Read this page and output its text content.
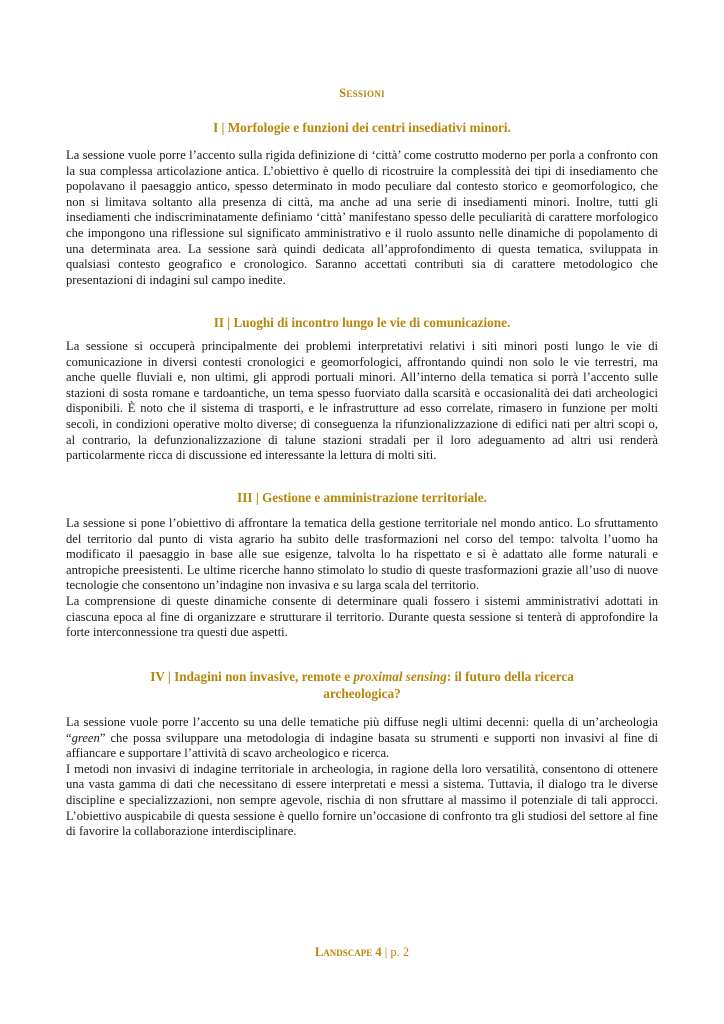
Sessioni
I | Morfologie e funzioni dei centri insediativi minori.

La sessione vuole porre l’accento sulla rigida definizione di ‘città’ come costrutto moderno per porla a confronto con la sua complessa articolazione antica. L’obiettivo è quello di ricostruire la complessità dei tipi di insediamento che popolavano il paesaggio antico, spesso determinato in modo peculiare dal contesto storico e geomorfologico, che non si limitava soltanto alla presenza di città, ma anche ad una serie di insediamenti minori. Inoltre, tutti gli insediamenti che indiscriminatamente definiamo ‘città’ manifestano spesso delle peculiarità di carattere morfologico che impongono una riflessione sul significato amministrativo e il ruolo assunto nelle dinamiche di popolamento di una determinata area. La sessione sarà quindi dedicata all’approfondimento di questa tematica, sviluppata in qualsiasi contesto geografico e cronologico. Saranno accettati contributi sia di carattere metodologico che presentazioni di indagini sul campo inedite.

II | Luoghi di incontro lungo le vie di comunicazione.

La sessione si occuperà principalmente dei problemi interpretativi relativi i siti minori posti lungo le vie di comunicazione in diversi contesti cronologici e geomorfologici, affrontando quindi non solo le vie terrestri, ma anche quelle fluviali e, non ultimi, gli approdi portuali minori. All’interno della tematica si porrà l’accento sulle stazioni di sosta romane e tardoantiche, un tema spesso fuorviato dalla scarsità e occasionalità dei dati archeologici disponibili. È noto che il sistema di trasporti, e le infrastrutture ad esso correlate, rimasero in funzione per molti secoli, in condizioni operative molto diverse; di conseguenza la rifunzionalizzazione di edifici nati per altri scopi o, al contrario, la defunzionalizzazione di talune stazioni stradali per il loro adeguamento ad altri usi renderà particolarmente ricca di discussione ed interessante la lettura di molti siti.

III | Gestione e amministrazione territoriale.

La sessione si pone l’obiettivo di affrontare la tematica della gestione territoriale nel mondo antico. Lo sfruttamento del territorio dal punto di vista agrario ha subito delle trasformazioni nel corso del tempo: talvolta l’uomo ha modificato il paesaggio in base alle sue esigenze, talvolta lo ha rispettato e si è adattato alle forme naturali e antropiche preesistenti. Le ultime ricerche hanno stimolato lo studio di queste trasformazioni grazie all’uso di nuove tecnologie che consentono un’indagine non invasiva e su larga scala del territorio.

La comprensione di queste dinamiche consente di determinare quali fossero i sistemi amministrativi adottati in ciascuna epoca al fine di organizzare e strutturare il territorio. Durante questa sessione si tenterà di approfondire la forte interconnessione tra questi due aspetti.

IV | Indagini non invasive, remote e proximal sensing: il futuro della ricerca archeologica?

La sessione vuole porre l’accento su una delle tematiche più diffuse negli ultimi decenni: quella di un’archeologia “green” che possa sviluppare una metodologia di indagine basata su strumenti e supporti non invasivi al fine di affiancare e supportare l’attività di scavo archeologico e ricerca.

I metodi non invasivi di indagine territoriale in archeologia, in ragione della loro versatilità, consentono di ottenere una vasta gamma di dati che necessitano di essere interpretati e messi a sistema. Tuttavia, il dialogo tra le diverse discipline e specializzazioni, non sempre agevole, rischia di non sfruttare al massimo il potenziale di tali approcci. L’obiettivo auspicabile di questa sessione è quello fornire un’occasione di confronto tra gli studiosi del settore al fine di favorire la collaborazione interdisciplinare.

Landscape 4 | p. 2
